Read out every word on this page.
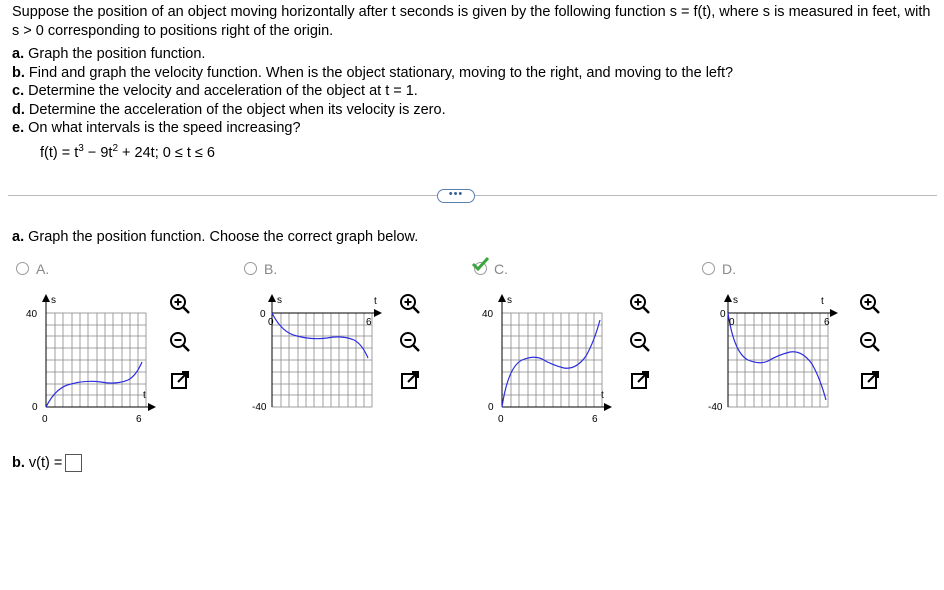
Suppose the position of an object moving horizontally after t seconds is given by the following function s = f(t), where s is measured in feet, with s > 0 corresponding to positions right of the origin.

a. Graph the position function.

b. Find and graph the velocity function. When is the object stationary, moving to the right, and moving to the left?

c. Determine the velocity and acceleration of the object at t = 1.

d. Determine the acceleration of the object when its velocity is zero.

e. On what intervals is the speed increasing?

$f(t) = t^3 - 9t^2 + 24t$; 0 ≤ t ≤ 6
•••
a. Graph the position function. Choose the correct graph below.
A.
s
t
40
0
0	6
B.
s	t
-40
0
0	6
C.
s
t
40
0
0	6
D.
s	t
-40
0
0	6
b. v(t) =
